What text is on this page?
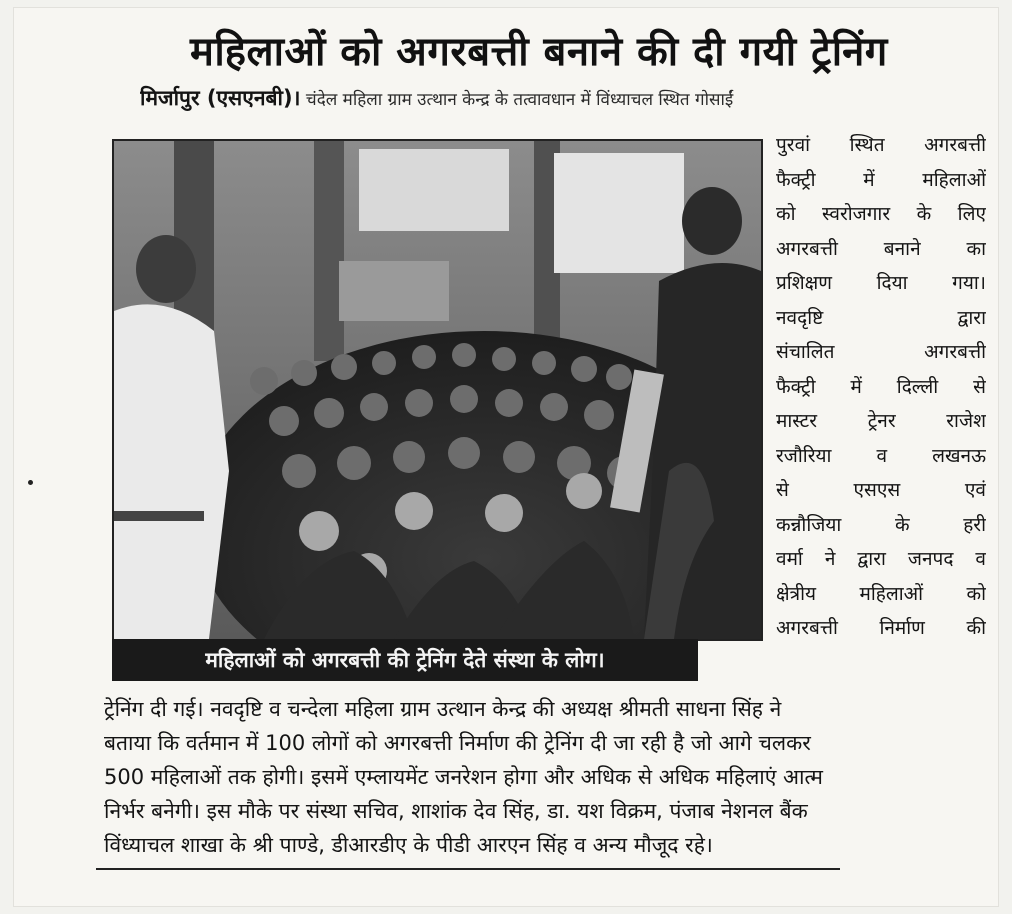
महिलाओं को अगरबत्ती बनाने की दी गयी ट्रेनिंग
मिर्जापुर (एसएनबी)। चंदेल महिला ग्राम उत्थान केन्द्र के तत्वावधान में विंध्याचल स्थित गोसाईं
महिलाओं को अगरबत्ती की ट्रेनिंग देते संस्था के लोग।
पुरवां स्थित अगरबत्ती
फैक्ट्री में महिलाओं
को स्वरोजगार के लिए
अगरबत्ती बनाने का
प्रशिक्षण दिया गया।
नवदृष्टि द्वारा
संचालित अगरबत्ती
फैक्ट्री में दिल्ली से
मास्टर ट्रेनर राजेश
रजौरिया व लखनऊ
से एसएस एवं
कन्नौजिया के हरी
वर्मा ने द्वारा जनपद व
क्षेत्रीय महिलाओं को
अगरबत्ती निर्माण की
ट्रेनिंग दी गई। नवदृष्टि व चन्देला महिला ग्राम उत्थान केन्द्र की अध्यक्ष श्रीमती साधना सिंह ने
बताया कि वर्तमान में 100 लोगों को अगरबत्ती निर्माण की ट्रेनिंग दी जा रही है जो आगे चलकर
500 महिलाओं तक होगी। इसमें एम्लायमेंट जनरेशन होगा और अधिक से अधिक महिलाएं आत्म
निर्भर बनेगी। इस मौके पर संस्था सचिव, शाशांक देव सिंह, डा. यश विक्रम, पंजाब नेशनल बैंक
विंध्याचल शाखा के श्री पाण्डे, डीआरडीए के पीडी आरएन सिंह व अन्य मौजूद रहे।
